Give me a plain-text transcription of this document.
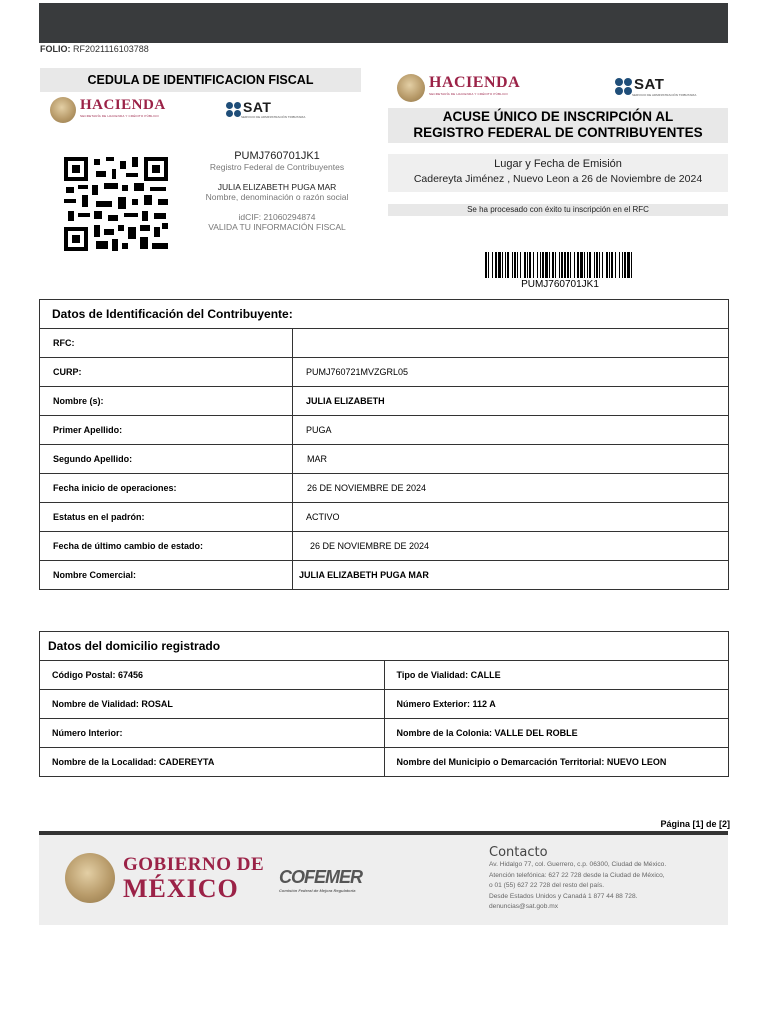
FOLIO: RF2021116103788
CEDULA DE IDENTIFICACION FISCAL
HACIENDA
SECRETARÍA DE HACIENDA Y CRÉDITO PÚBLICO
SAT
SERVICIO DE ADMINISTRACIÓN TRIBUTARIA
PUMJ760701JK1
Registro Federal de Contribuyentes
JULIA ELIZABETH PUGA MAR
Nombre, denominación o razón social
idCIF: 21060294874
VALIDA TU INFORMACIÓN FISCAL
HACIENDA
SECRETARÍA DE HACIENDA Y CRÉDITO PÚBLICO
SAT
SERVICIO DE ADMINISTRACIÓN TRIBUTARIA
ACUSE ÚNICO DE INSCRIPCIÓN AL
REGISTRO FEDERAL DE CONTRIBUYENTES
Lugar y Fecha de Emisión
Cadereyta Jiménez , Nuevo Leon a 26 de Noviembre de 2024
Se ha procesado con éxito tu inscripción en el RFC
PUMJ760701JK1
Datos de Identificación del Contribuyente:	
RFC:	
CURP:	PUMJ760721MVZGRL05
Nombre (s):	JULIA ELIZABETH
Primer Apellido:	PUGA
Segundo Apellido:	MAR
Fecha inicio de operaciones:	26 DE NOVIEMBRE DE 2024
Estatus en el padrón:	ACTIVO
Fecha de último cambio de estado:	26 DE NOVIEMBRE DE 2024
Nombre Comercial:	JULIA ELIZABETH PUGA MAR
Datos del domicilio registrado	
Código Postal: 67456	Tipo de Vialidad: CALLE
Nombre de Vialidad: ROSAL	Número Exterior: 112 A
Número Interior:	Nombre de la Colonia: VALLE DEL ROBLE
Nombre de la Localidad: CADEREYTA	Nombre del Municipio o Demarcación Territorial: NUEVO LEON
Página [1] de [2]
GOBIERNO DE
MÉXICO	COFEMER
Comisión Federal de Mejora Regulatoria
Contacto
Av. Hidalgo 77, col. Guerrero, c.p. 06300, Ciudad de México.
Atención telefónica: 627 22 728 desde la Ciudad de México,
o 01 (55) 627 22 728 del resto del país.
Desde Estados Unidos y Canadá 1 877 44 88 728.
denuncias@sat.gob.mx
